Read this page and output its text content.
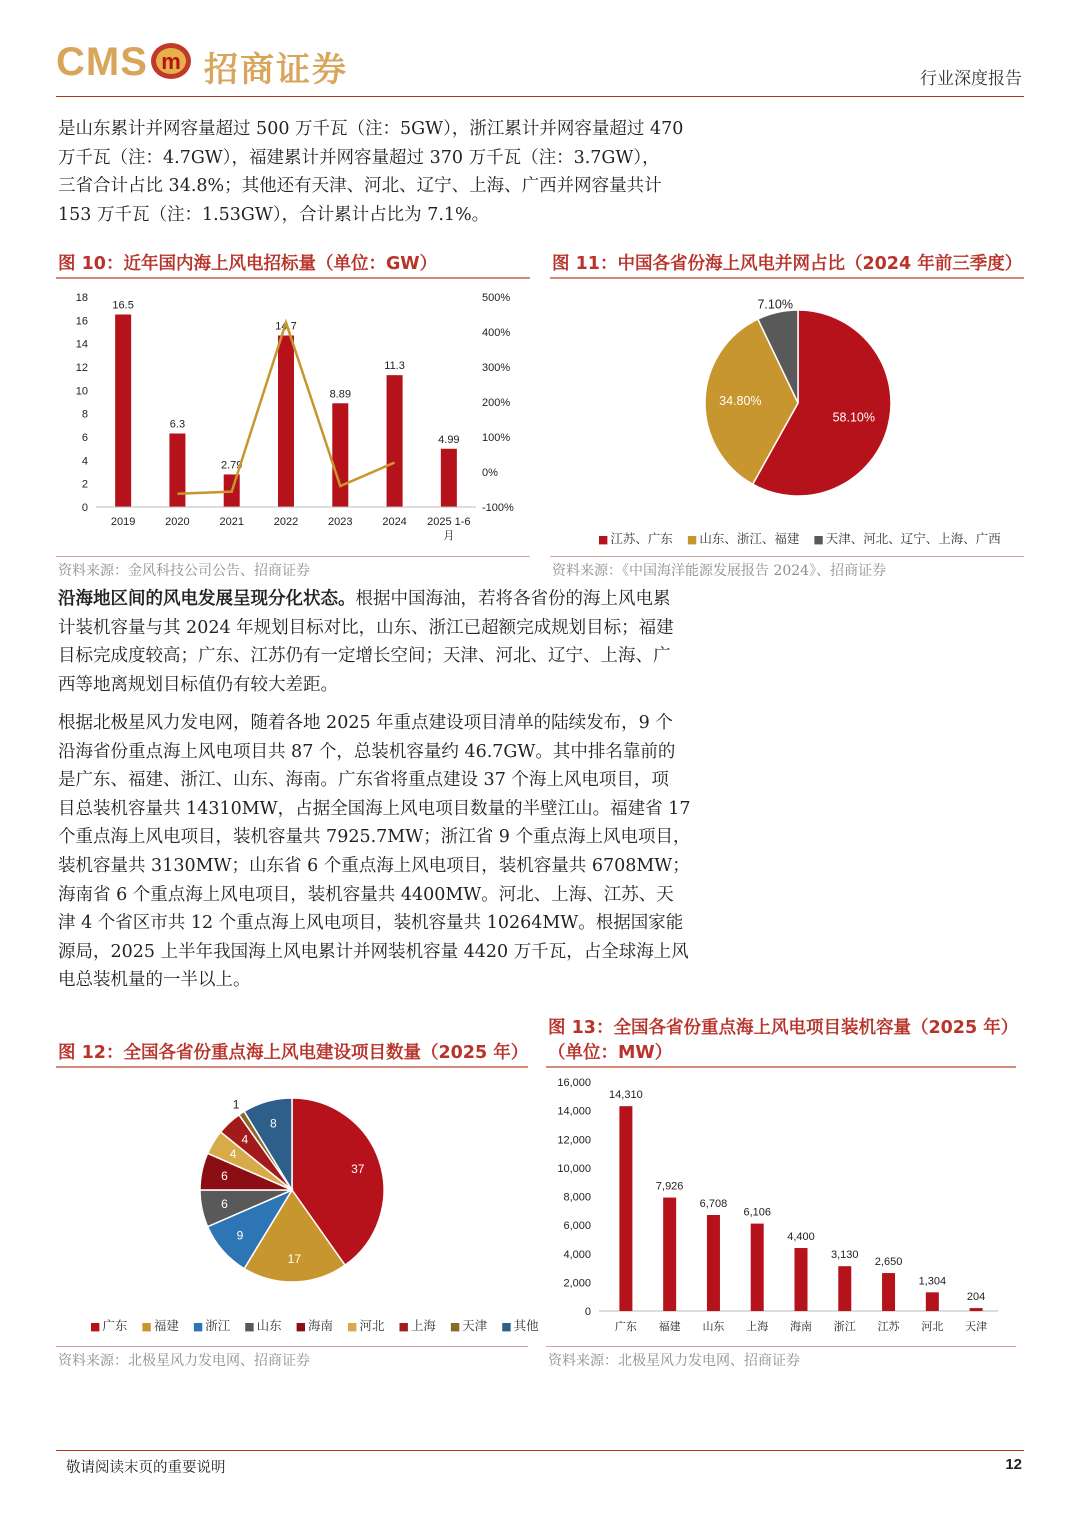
CMS m 招商证券	行业深度报告
是山东累计并网容量超过 500 万千瓦（注：5GW），浙江累计并网容量超过 470
万千瓦（注：4.7GW），福建累计并网容量超过 370 万千瓦（注：3.7GW），
三省合计占比 34.8%；其他还有天津、河北、辽宁、上海、广西并网容量共计
153 万千瓦（注：1.53GW），合计累计占比为 7.1%。
图 10：近年国内海上风电招标量（单位：GW）
0
2
4
6
8
10
12
14
16
18
-100%
0%
100%
200%
300%
400%
500%
16.5
2019
6.3
2020
2.79
2021
14.7
2022
8.89
2023
11.3
2024
4.99
2025 1-6 月
资料来源：金风科技公司公告、招商证券
图 11：中国各省份海上风电并网占比（2024 年前三季度）
58.10%
34.80%
7.10%
■ 江苏、广东 ■ 山东、浙江、福建 ■ 天津、河北、辽宁、上海、广西
资料来源：《中国海洋能源发展报告 2024》、招商证券
沿海地区间的风电发展呈现分化状态。根据中国海油，若将各省份的海上风电累
计装机容量与其 2024 年规划目标对比，山东、浙江已超额完成规划目标；福建
目标完成度较高；广东、江苏仍有一定增长空间；天津、河北、辽宁、上海、广
西等地离规划目标值仍有较大差距。
根据北极星风力发电网，随着各地 2025 年重点建设项目清单的陆续发布，9 个
沿海省份重点海上风电项目共 87 个，总装机容量约 46.7GW。其中排名靠前的
是广东、福建、浙江、山东、海南。广东省将重点建设 37 个海上风电项目，项
目总装机容量共 14310MW，占据全国海上风电项目数量的半壁江山。福建省 17
个重点海上风电项目，装机容量共 7925.7MW；浙江省 9 个重点海上风电项目，
装机容量共 3130MW；山东省 6 个重点海上风电项目，装机容量共 6708MW；
海南省 6 个重点海上风电项目，装机容量共 4400MW。河北、上海、江苏、天
津 4 个省区市共 12 个重点海上风电项目，装机容量共 10264MW。根据国家能
源局，2025 上半年我国海上风电累计并网装机容量 4420 万千瓦，占全球海上风
电总装机量的一半以上。
图 12：全国各省份重点海上风电建设项目数量（2025 年）
37
17
9
6
6
4
4
1
8
■ 广东 ■ 福建 ■ 浙江 ■ 山东 ■ 海南 ■ 河北 ■ 上海 ■ 天津 ■ 其他
资料来源：北极星风力发电网、招商证券
图 13：全国各省份重点海上风电项目装机容量（2025 年）
（单位：MW）
0
2,000
4,000
6,000
8,000
10,000
12,000
14,000
16,000
14,310
广东
7,926
福建
6,708
山东
6,106
上海
4,400
海南
3,130
浙江
2,650
江苏
1,304
河北
204
天津
资料来源：北极星风力发电网、招商证券
敬请阅读末页的重要说明	12
